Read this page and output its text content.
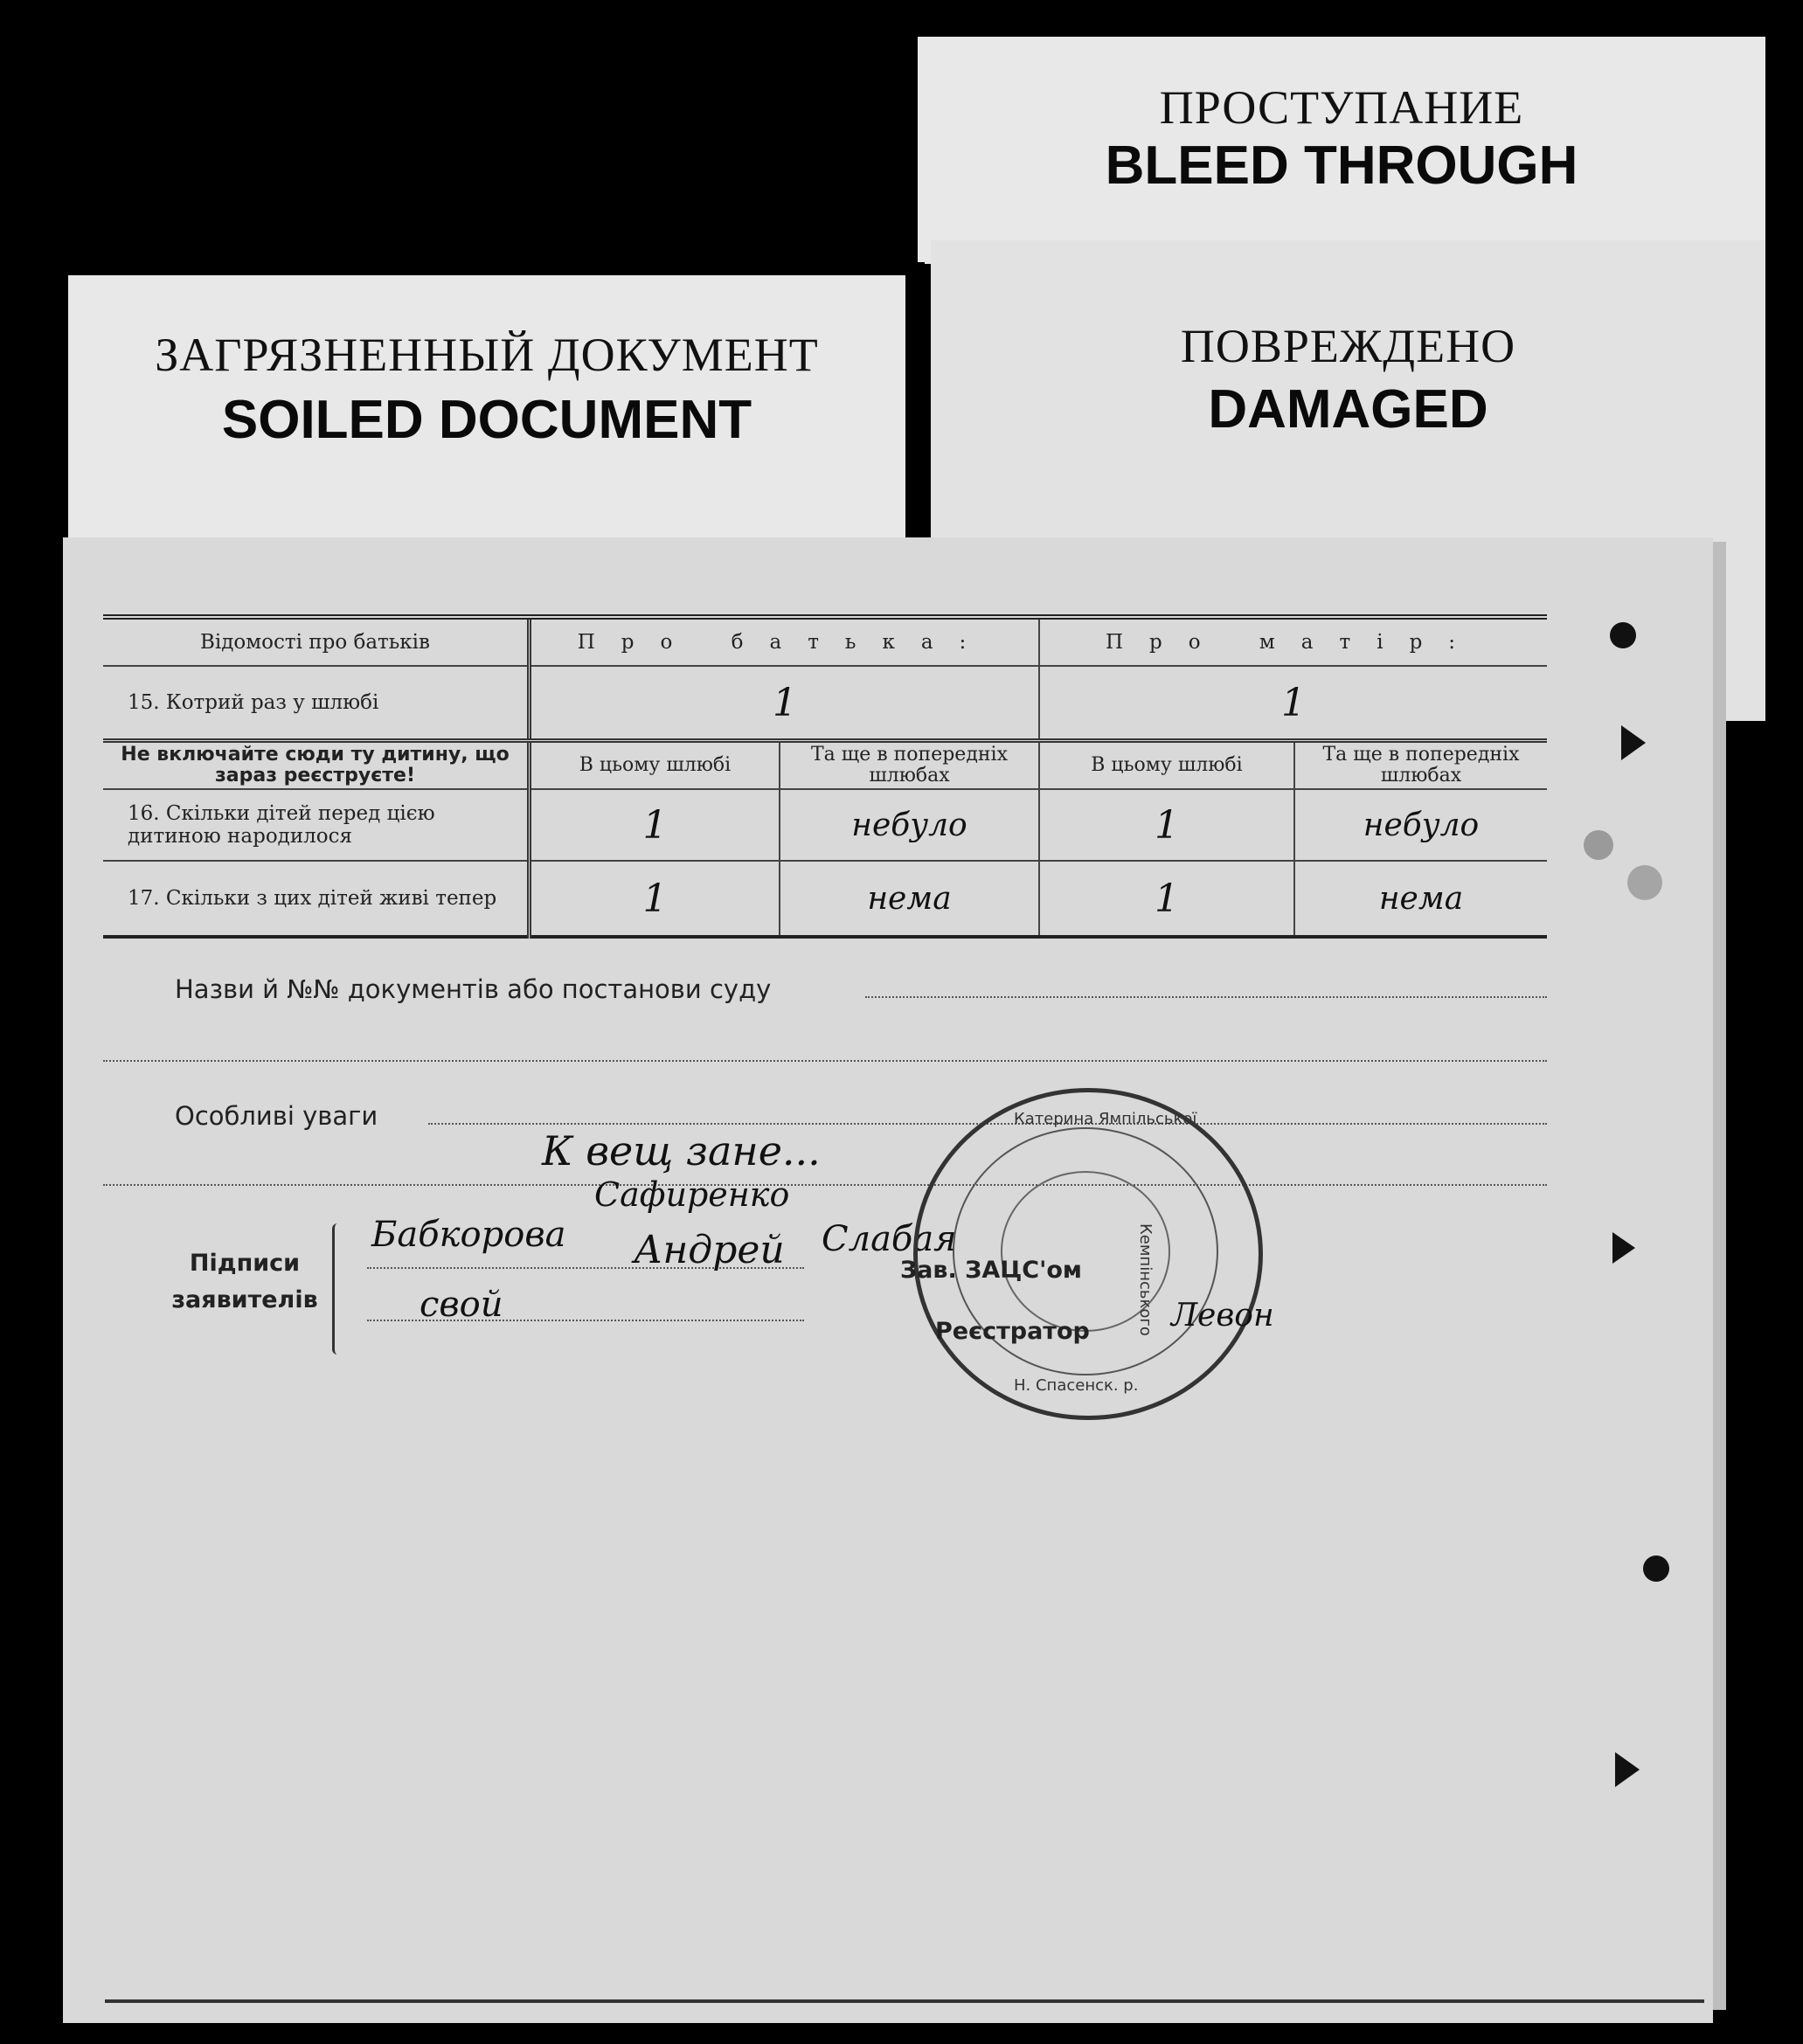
ПРОСТУПАНИЕ
BLEED THROUGH
ПОВРЕЖДЕНО
DAMAGED
ЗАГРЯЗНЕННЫЙ ДОКУМЕНТ
SOILED DOCUMENT
Відомості про батьків	Про батька:		Про матір:	
15. Котрий раз у шлюбі	1		1	
Не включайте сюди ту дитину, що зараз реєструєте!	В цьому шлюбі	Та ще в попередніх шлюбах	В цьому шлюбі	Та ще в попередніх шлюбах
16. Скільки дітей перед цією дитиною народилося	1	небуло	1	небуло
17. Скільки з цих дітей живі тепер	1	нема	1	нема
Назви й №№ документів або постанови суду
Особливі уваги
К вещ зане...
Підписи
заявителів
Бабкорова
Сафиренко
Андрей Слабая
свой
Катерина Ямпільської
Кемпінського
Н. Спасенск. р.
Зав. ЗАЦС'ом
Реєстратор	Левон
